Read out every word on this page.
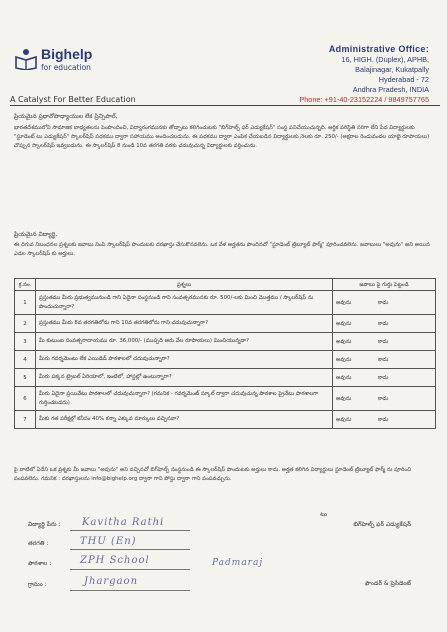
Bighelp
for education
A Catalyst For Better Education
Administrative Office:
16, HIGH. (Duplex), APHB,
Balajinagar, Kukatpally
Hyderabad - 72
Andhra Pradesh, INDIA
Phone: +91-40-23152224 / 9849757765
ప్రియమైన ప్రధానోపాధ్యాయుల లేక ప్రిన్సిపాల్,
భారతదేశములోని సామాజిక బాధ్యతలను పెంపొందించి, విద్యారంగమునకు తోడ్పాటు కలిగించుటకు "బిగ్‌హెల్ప్ ఫర్ ఎడ్యుకేషన్" సంస్థ పనిచేయుచున్నది. ఆర్థిక పరిస్థితి సరిగా లేని పేద విద్యార్థులకు "స్టూడెంట్ టు ఎడ్యుకేషన్" స్కాలర్‌షిప్ పథకము ద్వారా సహాయము అందించబడును. ఈ పథకము ద్వారా ఎంపిక చేయబడిన విద్యార్థులకు నెలకు రూ. 250/- (అక్షరాల రెండువందల యాభై రూపాయలు) చొప్పున స్కాలర్‌షిప్ ఇవ్వబడును. ఈ స్కాలర్‌షిప్ 8 నుండి 10వ తరగతి వరకు చదువుచున్న విద్యార్థులకు వర్తించును.
ప్రియమైన విద్యార్థి,
ఈ దిగువ నిబంధనల ప్రశ్నలకు జవాబు నింపి స్కాలర్‌షిప్ పొందుటకు దరఖాస్తు చేసుకొనవలెను. ఒక వేళ అర్హతను పొందినచో "స్టూడెంట్ ట్రిబ్యూట్ ఫార్మ్" పూరించవలెను. జవాబులు "అవును" అని అయిన ఎడల స్కాలర్‌షిప్ కు అర్హులు.
క్ర.సం.	ప్రశ్నలు	జవాబు పై గుర్తు పెట్టండి
1	ప్రస్తుతము మీరు ప్రభుత్వమునుండి గాని ఏదైనా సంస్థనుండి గాని సంవత్సరమునకు రూ. 500/-లకు మించి మొత్తము / స్కాలర్‌షిప్ ను పొందుచున్నారా?	అవును కాదు
2	ప్రస్తుతము మీరు 8వ తరగతిలోను గాని 10వ తరగతిలోను గాని చదువుచున్నారా?	అవును కాదు
3	మీ కుటుంబ సంవత్సరాదాయము రూ. 36,000/- (ముప్పది ఆరు వేల రూపాయలు) మించియున్నదా?	అవును కాదు
4	మీరు గవర్నమెంటు లేక ఎయిడెడ్ పాఠశాలలో చదువుచున్నారా?	అవును కాదు
5	మీరు పక్కన ట్రైబల్ ఏరియాలో, ఇంటిలో, హాస్టల్లో ఉంటున్నారా?	అవును కాదు
6	మీరు ఏదైనా ప్రయివేటు పాఠశాలలో చదువుచున్నారా? (గమనిక - గవర్నమెంట్ స్కూల్ ద్వారా చదువుచున్న పాఠశాల ప్రైవేటు పాఠశాలగా గుర్తించబడదు)	అవును కాదు
7	మీకు గత పరీక్షల్లో కనీసం 40% కన్నా ఎక్కువ మార్కులు వచ్చినవా?	అవును కాదు
పై వాటిలో ఏదేని ఒక ప్రశ్నకు మీ జవాబు "అవును" అని వచ్చినచో బిగ్‌హెల్ప్ సంస్థనుండి ఈ స్కాలర్‌షిప్ పొందుటకు అర్హులు కాదు. అర్హత కలిగిన విద్యార్థులు స్టూడెంట్ ట్రిబ్యూట్ ఫార్మ్ ను పూరించి పంపవలెను. గమనిక : దరఖాస్తులను info@bighelp.org ద్వారా గాని పోస్టు ద్వారా గాని పంపవచ్చును.
విద్యార్థి పేరు : Kavitha Rathi
తరగతి :	THU (En)
పాఠశాల :	ZPH School	Padmaraj
గ్రామం :	Jhargaon
టు
బిగ్‌హెల్ప్ ఫర్ ఎడ్యుకేషన్
ఫౌండర్ & ప్రెసిడెంట్
